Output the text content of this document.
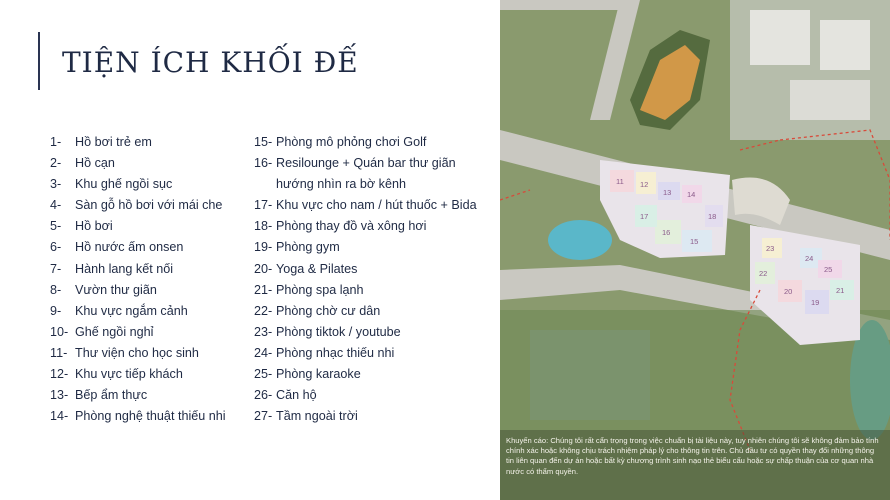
TIỆN ÍCH KHỐI ĐẾ
1-	Hồ bơi trẻ em
2-	Hồ cạn
3-	Khu ghế ngồi sục
4-	Sàn gỗ hồ bơi với mái che
5-	Hồ bơi
6-	Hồ nước ấm onsen
7-	Hành lang kết nối
8-	Vườn thư giãn
9-	Khu vực ngắm cảnh
10- Ghế ngồi nghỉ
11- Thư viện cho học sinh
12- Khu vực tiếp khách
13- Bếp ẩm thực
14- Phòng nghệ thuật thiếu nhi
15- Phòng mô phỏng chơi Golf
16- Resilounge + Quán bar thư giãn hướng nhìn ra bờ kênh
17- Khu vực cho nam / hút thuốc + Bida
18- Phòng thay đồ và xông hơi
19- Phòng gym
20- Yoga & Pilates
21- Phòng spa lạnh
22- Phòng chờ cư dân
23- Phòng tiktok / youtube
24- Phòng nhạc thiếu nhi
25- Phòng karaoke
26- Căn hộ
27- Tầm ngoài trời
11 12
13 14
15
16
17	18
19
20	21
22
23
24
25
Khuyến cáo: Chúng tôi rất cẩn trọng trong việc chuẩn bị tài liệu này, tuy nhiên chúng tôi sẽ không đảm bảo tính chính xác hoặc không chịu trách nhiệm pháp lý cho thông tin trên. Chủ đầu tư có quyền thay đổi những thông tin liên quan đến dự án hoặc bất kỳ chương trình sinh nạo thẻ biểu cấu hoặc sự chấp thuận của cơ quan nhà nước có thẩm quyền.
